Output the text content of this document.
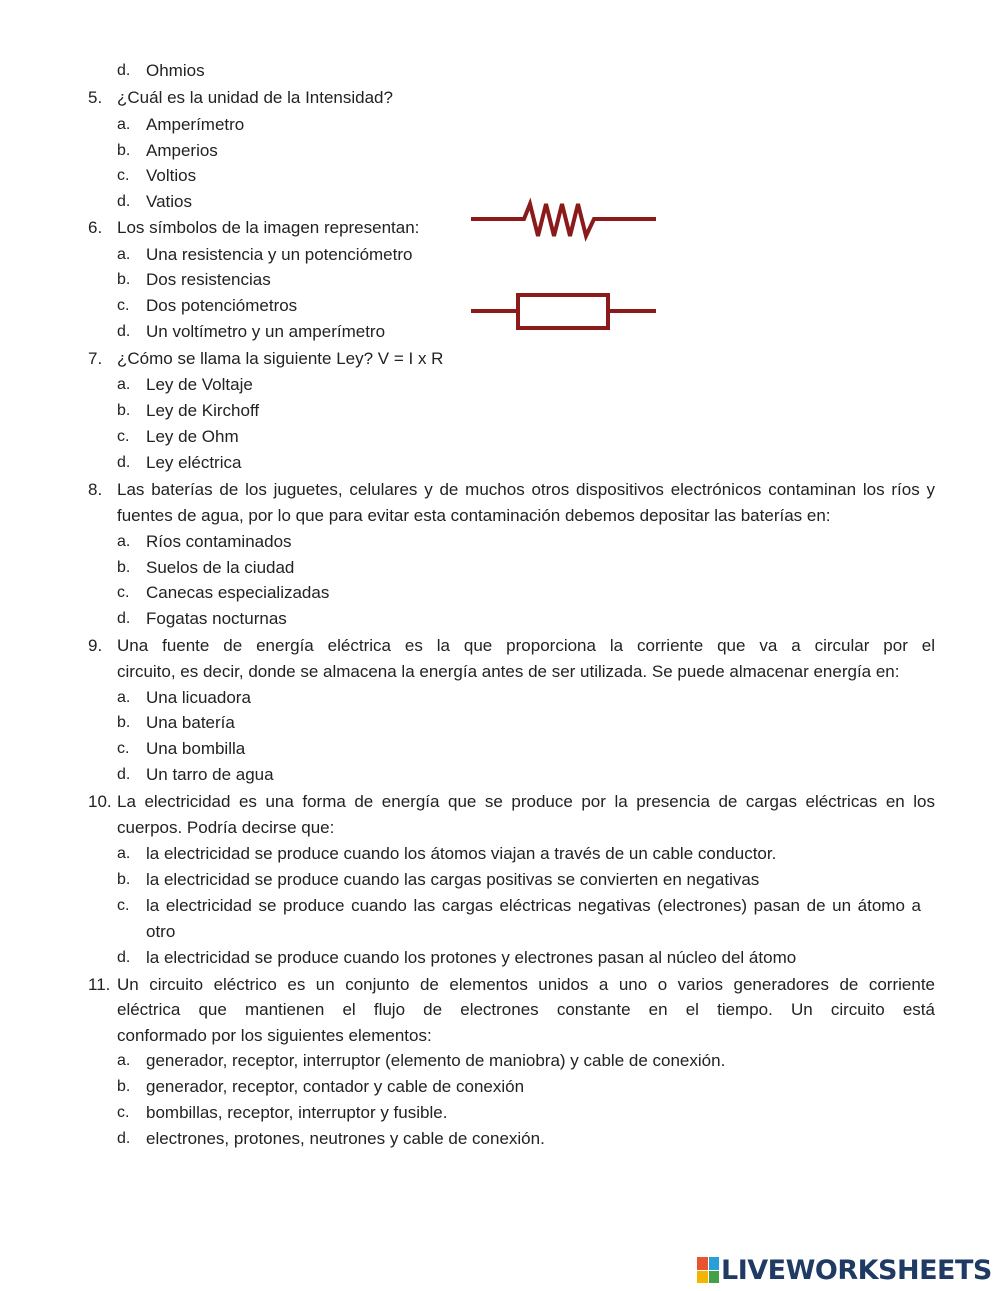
d. Ohmios
5. ¿Cuál es la unidad de la Intensidad?
a. Amperímetro
b. Amperios
c. Voltios
d. Vatios
6. Los símbolos de la imagen representan:
a. Una resistencia y un potenciómetro
b. Dos resistencias
c. Dos potenciómetros
d. Un voltímetro y un amperímetro
7. ¿Cómo se llama la siguiente Ley? V = I x R
a. Ley de Voltaje
b. Ley de Kirchoff
c. Ley de Ohm
d. Ley eléctrica
8. Las baterías de los juguetes, celulares y de muchos otros dispositivos electrónicos contaminan los ríos y
fuentes de agua, por lo que para evitar esta contaminación debemos depositar las baterías en:
a. Ríos contaminados
b. Suelos de la ciudad
c. Canecas especializadas
d. Fogatas nocturnas
9. Una fuente de energía eléctrica es la que proporciona la corriente que va a circular por el
circuito, es decir, donde se almacena la energía antes de ser utilizada. Se puede almacenar energía en:
a. Una licuadora
b. Una batería
c. Una bombilla
d. Un tarro de agua
10. La electricidad es una forma de energía que se produce por la presencia de cargas eléctricas en los
cuerpos. Podría decirse que:
a. la electricidad se produce cuando los átomos viajan a través de un cable conductor.
b. la electricidad se produce cuando las cargas positivas se convierten en negativas
c. la electricidad se produce cuando las cargas eléctricas negativas (electrones) pasan de un átomo a
otro
d. la electricidad se produce cuando los protones y electrones pasan al núcleo del átomo
11. Un circuito eléctrico es un conjunto de elementos unidos a uno o varios generadores de corriente
eléctrica que mantienen el flujo de electrones constante en el tiempo. Un circuito está
conformado por los siguientes elementos:
a. generador, receptor, interruptor (elemento de maniobra) y cable de conexión.
b. generador, receptor, contador y cable de conexión
c. bombillas, receptor, interruptor y fusible.
d. electrones, protones, neutrones y cable de conexión.
LIVEWORKSHEETS
